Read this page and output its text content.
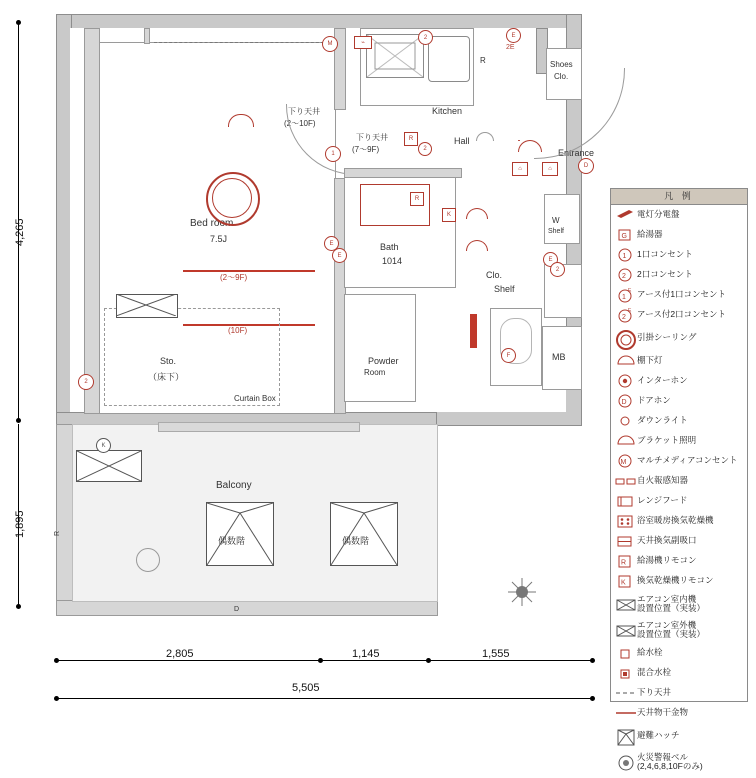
Bed room
7.5J
(2～9F)
(10F)
Sto.
（床下）
Curtain Box
下り天井
(2～10F)
下り天井
(7～9F)
Kitchen
Hall
Entrance
Shoes
Clo.
Bath
1014
Powder
Room
Clo.
Shelf
W
Shelf
MB
Balcony
偶数階	偶数階
K
R
D
1
2
M	⌁
R
2
R
K
E
E
⌂	⌂
E
2
F
2	E
2E
R
D
凡 例
電灯分電盤
G 給湯器
1 1口コンセント
2 2口コンセント
1
E アース付1口コンセント
2
E アース付2口コンセント
引掛シーリング
棚下灯
インターホン
D ドアホン
ダウンライト
ブラケット照明
M マルチメディアコンセント
自火報感知器
レンジフード
浴室暖房換気乾燥機
天井換気副吸口
R 給湯機リモコン
K 換気乾燥機リモコン
エアコン室内機
設置位置（実装）
エアコン室外機
設置位置（実装）
給水栓
混合水栓
下り天井
天井物干金物
避難ハッチ
火災警報ベル
(2,4,6,8,10Fのみ)
4,265
1,895
2,805	1,145	1,555
5,505
